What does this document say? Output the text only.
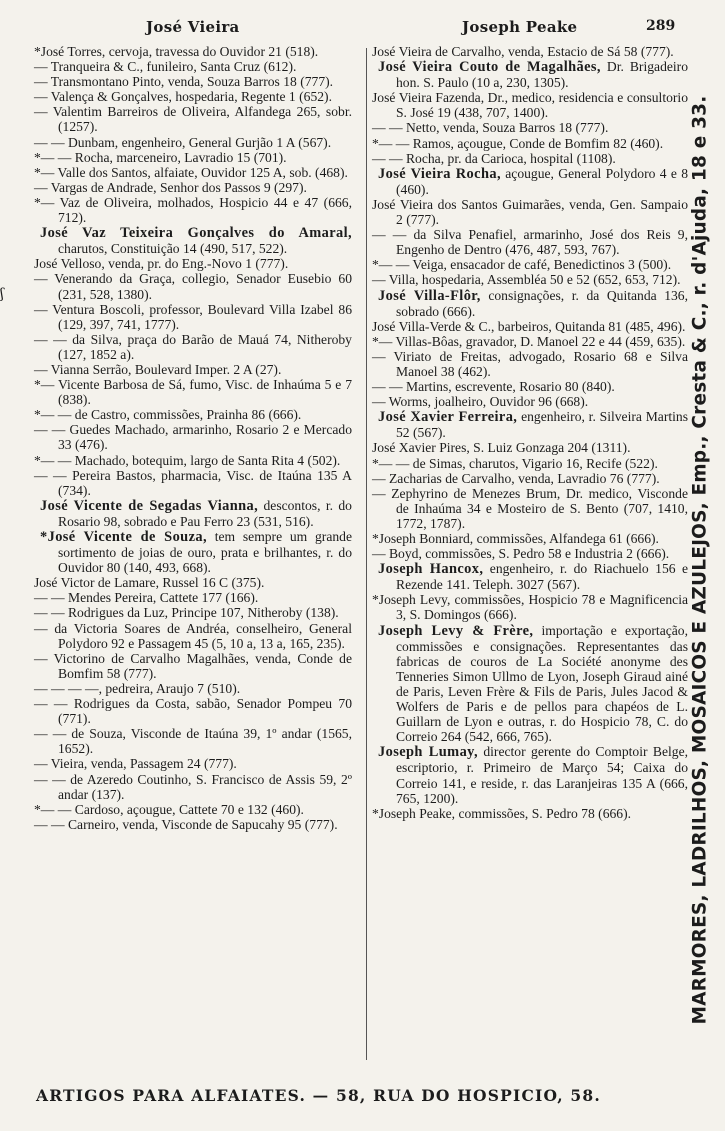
José Vieira	Joseph Peake	289
ʃ

*José Torres, cervoja, travessa do Ouvidor 21 (518).

— Tranqueira & C., funileiro, Santa Cruz (612).

— Transmontano Pinto, venda, Souza Barros 18 (777).

— Valença & Gonçalves, hospedaria, Regente 1 (652).

— Valentim Barreiros de Oliveira, Alfandega 265, sobr. (1257).

— — Dunbam, engenheiro, General Gurjão 1 A (567).

*— — Rocha, marceneiro, Lavradio 15 (701).

*— Valle dos Santos, alfaiate, Ouvidor 125 A, sob. (468).

— Vargas de Andrade, Senhor dos Passos 9 (297).

*— Vaz de Oliveira, molhados, Hospicio 44 e 47 (666, 712).

José Vaz Teixeira Gonçalves do Amaral, charutos, Constituição 14 (490, 517, 522).

José Velloso, venda, pr. do Eng.-Novo 1 (777).

— Venerando da Graça, collegio, Senador Eusebio 60 (231, 528, 1380).

— Ventura Boscoli, professor, Boulevard Villa Izabel 86 (129, 397, 741, 1777).

— — da Silva, praça do Barão de Mauá 74, Nitheroby (127, 1852 a).

— Vianna Serrão, Boulevard Imper. 2 A (27).

*— Vicente Barbosa de Sá, fumo, Visc. de Inhaúma 5 e 7 (838).

*— — de Castro, commissões, Prainha 86 (666).

— — Guedes Machado, armarinho, Rosario 2 e Mercado 33 (476).

*— — Machado, botequim, largo de Santa Rita 4 (502).

— — Pereira Bastos, pharmacia, Visc. de Itaúna 135 A (734).

José Vicente de Segadas Vianna, descontos, r. do Rosario 98, sobrado e Pau Ferro 23 (531, 516).

*José Vicente de Souza, tem sempre um grande sortimento de joias de ouro, prata e brilhantes, r. do Ouvidor 80 (140, 493, 668).

José Victor de Lamare, Russel 16 C (375).

— — Mendes Pereira, Cattete 177 (166).

— — Rodrigues da Luz, Principe 107, Nitheroby (138).

— da Victoria Soares de Andréa, conselheiro, General Polydoro 92 e Passagem 45 (5, 10 a, 13 a, 165, 235).

— Victorino de Carvalho Magalhães, venda, Conde de Bomfim 58 (777).

— — — —, pedreira, Araujo 7 (510).

— — Rodrigues da Costa, sabão, Senador Pompeu 70 (771).

— — de Souza, Visconde de Itaúna 39, 1º andar (1565, 1652).

— Vieira, venda, Passagem 24 (777).

— — de Azeredo Coutinho, S. Francisco de Assis 59, 2º andar (137).

*— — Cardoso, açougue, Cattete 70 e 132 (460).

— — Carneiro, venda, Visconde de Sapucahy 95 (777).

José Vieira de Carvalho, venda, Estacio de Sá 58 (777).

José Vieira Couto de Magalhães, Dr. Brigadeiro hon. S. Paulo (10 a, 230, 1305).

José Vieira Fazenda, Dr., medico, residencia e consultorio S. José 19 (438, 707, 1400).

— — Netto, venda, Souza Barros 18 (777).

*— — Ramos, açougue, Conde de Bomfim 82 (460).

— — Rocha, pr. da Carioca, hospital (1108).

José Vieira Rocha, açougue, General Polydoro 4 e 8 (460).

José Vieira dos Santos Guimarães, venda, Gen. Sampaio 2 (777).

— — da Silva Penafiel, armarinho, José dos Reis 9, Engenho de Dentro (476, 487, 593, 767).

*— — Veiga, ensacador de café, Benedictinos 3 (500).

— Villa, hospedaria, Assembléa 50 e 52 (652, 653, 712).

José Villa-Flôr, consignações, r. da Quitanda 136, sobrado (666).

José Villa-Verde & C., barbeiros, Quitanda 81 (485, 496).

*— Villas-Bôas, gravador, D. Manoel 22 e 44 (459, 635).

— Viriato de Freitas, advogado, Rosario 68 e Silva Manoel 38 (462).

— — Martins, escrevente, Rosario 80 (840).

— Worms, joalheiro, Ouvidor 96 (668).

José Xavier Ferreira, engenheiro, r. Silveira Martins 52 (567).

José Xavier Pires, S. Luiz Gonzaga 204 (1311).

*— — de Simas, charutos, Vigario 16, Recife (522).

— Zacharias de Carvalho, venda, Lavradio 76 (777).

— Zephyrino de Menezes Brum, Dr. medico, Visconde de Inhaúma 34 e Mosteiro de S. Bento (707, 1410, 1772, 1787).

*Joseph Bonniard, commissões, Alfandega 61 (666).

— Boyd, commissões, S. Pedro 58 e Industria 2 (666).

Joseph Hancox, engenheiro, r. do Riachuelo 156 e Rezende 141. Teleph. 3027 (567).

*Joseph Levy, commissões, Hospicio 78 e Magnificencia 3, S. Domingos (666).

Joseph Levy & Frère, importação e exportação, commissões e consignações. Representantes das fabricas de couros de La Société anonyme des Tenneries Simon Ullmo de Lyon, Joseph Giraud ainé de Paris, Leven Frère & Fils de Paris, Jules Jacod & Wolfers de Paris e de pellos para chapéos de L. Guillarn de Lyon e outras, r. do Hospicio 78, C. do Correio 264 (542, 666, 765).

Joseph Lumay, director gerente do Comptoir Belge, escriptorio, r. Primeiro de Março 54; Caixa do Correio 141, e reside, r. das Laranjeiras 135 A (666, 765, 1200).

*Joseph Peake, commissões, S. Pedro 78 (666).	MARMORES, LADRILHOS, MOSAICOS E AZULEJOS, Emp., Cresta & C., r. d'Ajuda, 18 e 33.
ARTIGOS PARA ALFAIATES. — 58, RUA DO HOSPICIO, 58.
